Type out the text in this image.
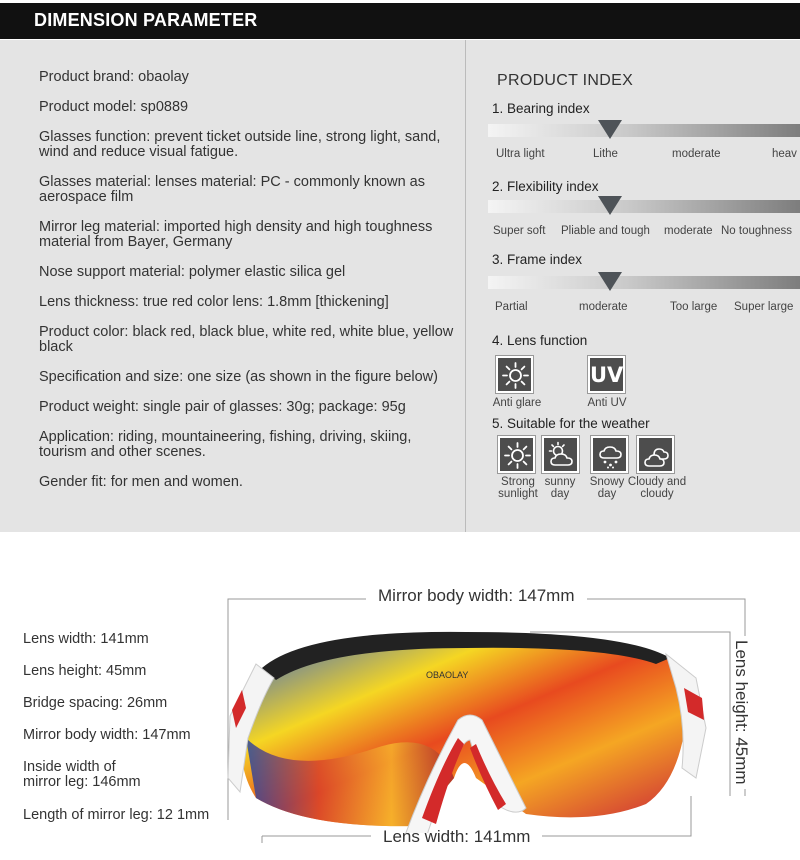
DIMENSION PARAMETER
Product brand: obaolay
Product model: sp0889
Glasses function: prevent ticket outside line, strong light, sand, wind and reduce visual fatigue.
Glasses material: lenses material: PC - commonly known as aerospace film
Mirror leg material: imported high density and high toughness material from Bayer, Germany
Nose support material: polymer elastic silica gel
Lens thickness: true red color lens: 1.8mm [thickening]
Product color: black red, black blue, white red, white blue, yellow black
Specification and size: one size (as shown in the figure below)
Product weight: single pair of glasses: 30g; package: 95g
Application: riding, mountaineering, fishing, driving, skiing, tourism and other scenes.
Gender fit: for men and women.
PRODUCT INDEX
1. Bearing index
Ultra light	Lithe	moderate	heav
2. Flexibility index
Super soft Pliable and tough moderate No toughness
3. Frame index
Partial	moderate	Too large Super large
4. Lens function
UV
Anti glare	Anti UV
5. Suitable for the weather
Strong sunlight
sunny day
Snowy day
Cloudy and cloudy
Lens width: 141mm
Lens height: 45mm
Bridge spacing: 26mm
Mirror body width: 147mm
Inside width of mirror leg: 146mm
Length of mirror leg: 12 1mm
Mirror body width: 147mm
Lens width: 141mm
Lens height: 45mm
OBAOLAY
